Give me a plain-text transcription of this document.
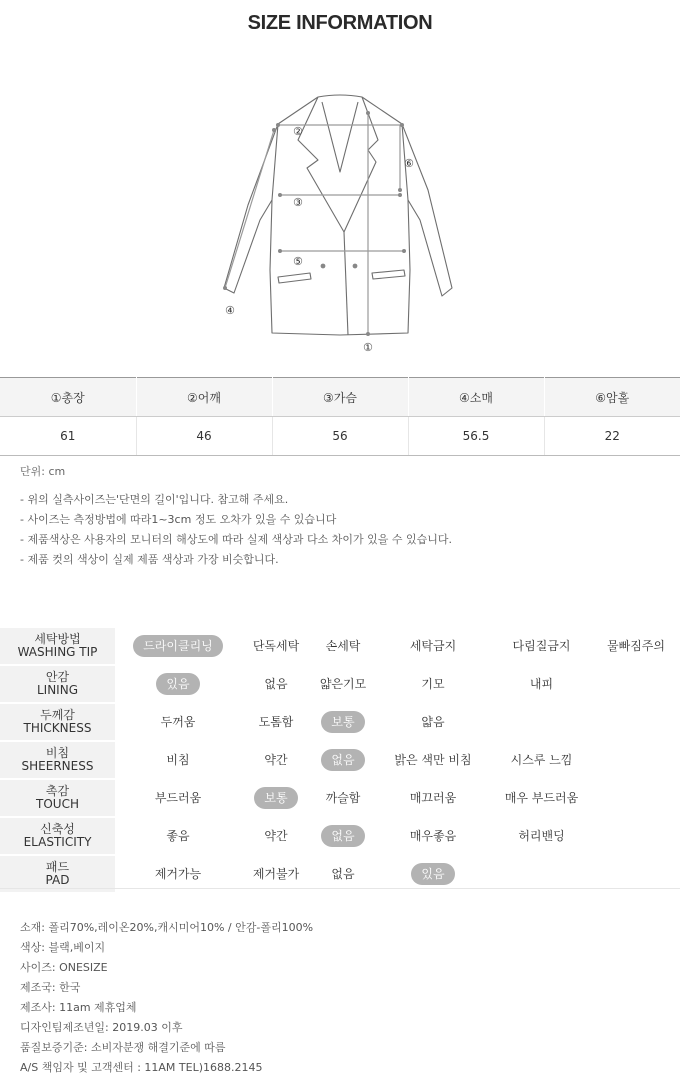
SIZE INFORMATION
②
⑥
③
⑤
④
①
①총장	②어깨	③가슴	④소매	⑥암홀
61	46	56	56.5	22
단위: cm
- 위의 실측사이즈는'단면의 길이'입니다. 참고해 주세요.
- 사이즈는 측정방법에 따라1~3cm 정도 오차가 있을 수 있습니다
- 제품색상은 사용자의 모니터의 해상도에 따라 실제 색상과 다소 차이가 있을 수 있습니다.
- 제품 컷의 색상이 실제 제품 색상과 가장 비슷합니다.
세탁방법
WASHING TIP	드라이클리닝	단독세탁	손세탁	세탁금지	다림질금지	물빠짐주의

안감
LINING	있음	없음	얇은기모	기모	내피	

두께감
THICKNESS	두꺼움	도톰함	보통	얇음		

비침
SHEERNESS	비침	약간	없음	밝은 색만 비침	시스루 느낌	

촉감
TOUCH	부드러움	보통	까슬함	매끄러움	매우 부드러움	

신축성
ELASTICITY	좋음	약간	없음	매우좋음	허리밴딩	

패드
PAD	제거가능	제거불가	없음	있음		
소재: 폴리70%,레이온20%,캐시미어10% / 안감-폴리100%
색상: 블랙,베이지
사이즈: ONESIZE
제조국: 한국
제조사: 11am 제휴업체
디자인팀제조년일: 2019.03 이후
품질보증기준: 소비자분쟁 해결기준에 따름
A/S 책임자 및 고객센터 : 11AM TEL)1688.2145
